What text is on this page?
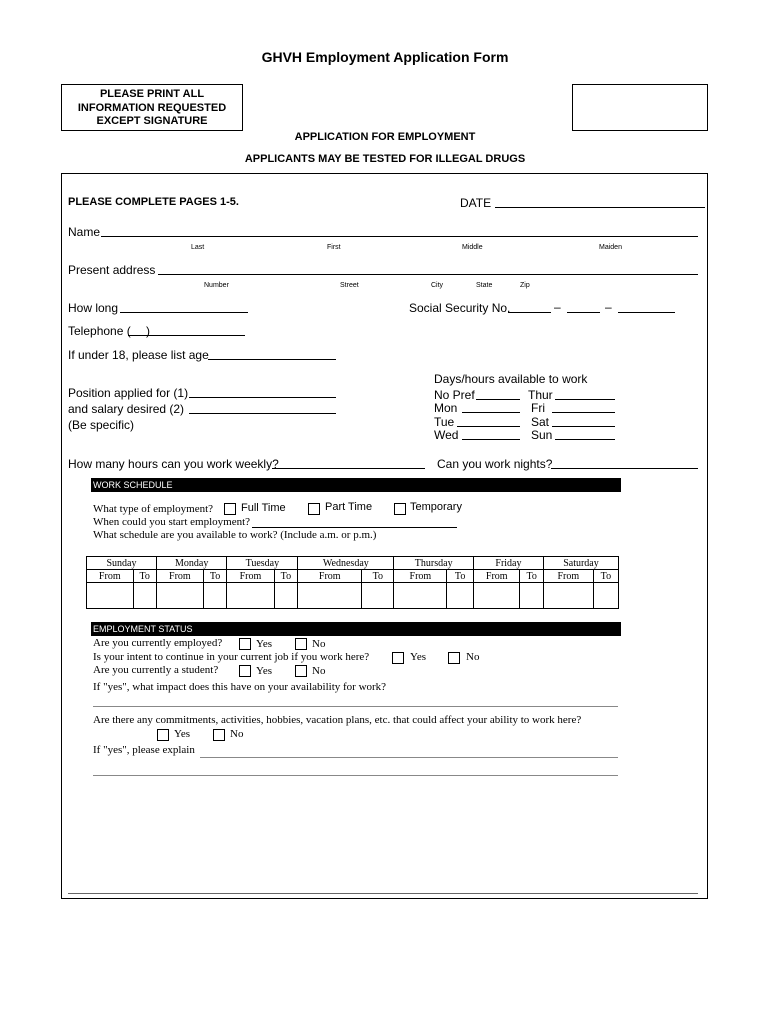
GHVH Employment Application Form
PLEASE PRINT ALL
INFORMATION REQUESTED
EXCEPT SIGNATURE
APPLICATION FOR EMPLOYMENT
APPLICANTS MAY BE TESTED FOR ILLEGAL DRUGS
PLEASE COMPLETE PAGES 1-5.	DATE
Name
Last	First	Middle	Maiden
Present address
Number	Street	City	State	Zip
How long	Social Security No.	–	–
Telephone ( )
If under 18, please list age
Days/hours available to work
No Pref	Thur
Mon	Fri
Tue	Sat
Wed	Sun
Position applied for (1)
and salary desired (2)
(Be specific)
How many hours can you work weekly?	Can you work nights?
WORK SCHEDULE
What type of employment?	Full Time	Part Time	Temporary
When could you start employment?
What schedule are you available to work? (Include a.m. or p.m.)
Sunday		Monday		Tuesday		Wednesday		Thursday		Friday		Saturday	
From	To	From	To	From	To	From	To	From	To	From	To	From	To

EMPLOYMENT STATUS
Are you currently employed?	Yes	No
Is your intent to continue in your current job if you work here?	Yes	No
Are you currently a student?	Yes	No
If "yes", what impact does this have on your availability for work?
Are there any commitments, activities, hobbies, vacation plans, etc. that could affect your ability to work here?
Yes	No
If "yes", please explain
